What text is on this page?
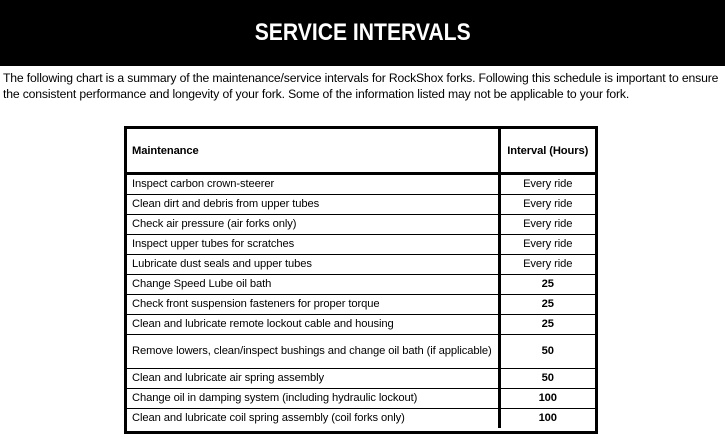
SERVICE INTERVALS
The following chart is a summary of the maintenance/service intervals for RockShox forks. Following this schedule is important to ensure the consistent performance and longevity of your fork. Some of the information listed may not be applicable to your fork.
Maintenance	Interval (Hours)
Inspect carbon crown-steerer	Every ride
Clean dirt and debris from upper tubes	Every ride
Check air pressure (air forks only)	Every ride
Inspect upper tubes for scratches	Every ride
Lubricate dust seals and upper tubes	Every ride
Change Speed Lube oil bath	25
Check front suspension fasteners for proper torque	25
Clean and lubricate remote lockout cable and housing	25
Remove lowers, clean/inspect bushings and change oil bath (if applicable)	50
Clean and lubricate air spring assembly	50
Change oil in damping system (including hydraulic lockout)	100
Clean and lubricate coil spring assembly (coil forks only)	100
